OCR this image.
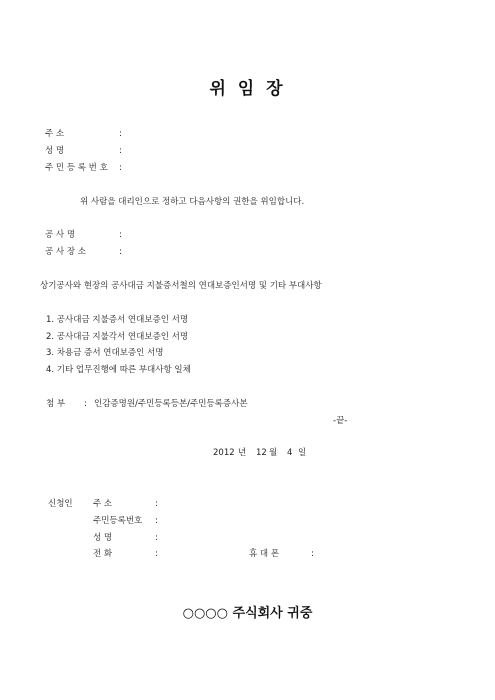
위 임 장
주 소	:
성 명	:
주 민 등 록 번 호 :
위 사람을 대리인으로 정하고 다음사항의 권한을 위임합니다.
공 사 명	:
공 사 장 소	:
상기공사와 현장의 공사대금 지불증서철의 연대보증인서명 및 기타 부대사항
1. 공사대금 지불증서 연대보증인 서명
2. 공사대금 지불각서 연대보증인 서명
3. 차용금 증서 연대보증인 서명
4. 기타 업무진행에 따른 부대사항 일체
첨 부 : 인감증명원/주민등록등본/주민등록증사본
-끝-
2012 년 12 월 4 일
신청인 주 소	:
주민등록번호 :
성 명	:
전 화	:	휴 대 폰	:
○○○○ 주식회사 귀중
